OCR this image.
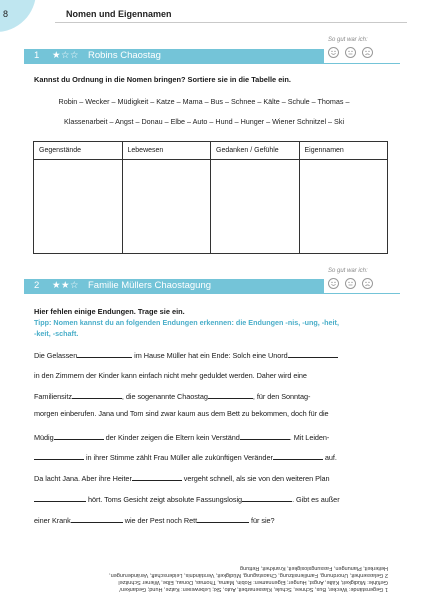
8	Nomen und Eigennamen
1 ★☆☆ Robins Chaostag
So gut war ich:
Kannst du Ordnung in die Nomen bringen? Sortiere sie in die Tabelle ein.
Robin – Wecker – Müdigkeit – Katze – Mama – Bus – Schnee – Kälte – Schule – Thomas –
Klassenarbeit – Angst – Donau – Elbe – Auto – Hund – Hunger – Wiener Schnitzel – Ski
Gegenstände	Lebewesen	Gedanken / Gefühle	Eigennamen

2 ★★☆ Familie Müllers Chaostagung
So gut war ich:
Hier fehlen einige Endungen. Trage sie ein.
Tipp: Nomen kannst du an folgenden Endungen erkennen: die Endungen -nis, -ung, -heit,
-keit, -schaft.
Die Gelassen	im Hause Müller hat ein Ende: Solch eine Unord
in den Zimmern der Kinder kann einfach nicht mehr geduldet werden. Daher wird eine
Familiensitz	, die sogenannte Chaostag	, für den Sonntag-
morgen einberufen. Jana und Tom sind zwar kaum aus dem Bett zu bekommen, doch für die
Müdig	der Kinder zeigen die Eltern kein Verständ	. Mit Leiden-
in ihrer Stimme zählt Frau Müller alle zukünftigen Veränder	auf.
Da lacht Jana. Aber ihre Heiter	vergeht schnell, als sie von den weiteren Plan
hört. Toms Gesicht zeigt absolute Fassungslosig	. Gibt es außer
einer Krank	wie der Pest noch Rett	für sie?
1 Gegenstände: Wecker, Bus, Schnee, Schule, Klassenarbeit, Auto, Ski; Lebewesen: Katze, Hund; Gedanken/
Gefühle: Müdigkeit, Kälte, Angst, Hunger; Eigennamen: Robin, Mama, Thomas, Donau, Elbe, Wiener Schnitzel
2 Gelassenheit, Unordnung, Familiensitzung, Chaostagung, Müdigkeit, Verständnis, Leidenschaft, Veränderungen,
Heiterkeit, Planungen, Fassungslosigkeit, Krankheit, Rettung
